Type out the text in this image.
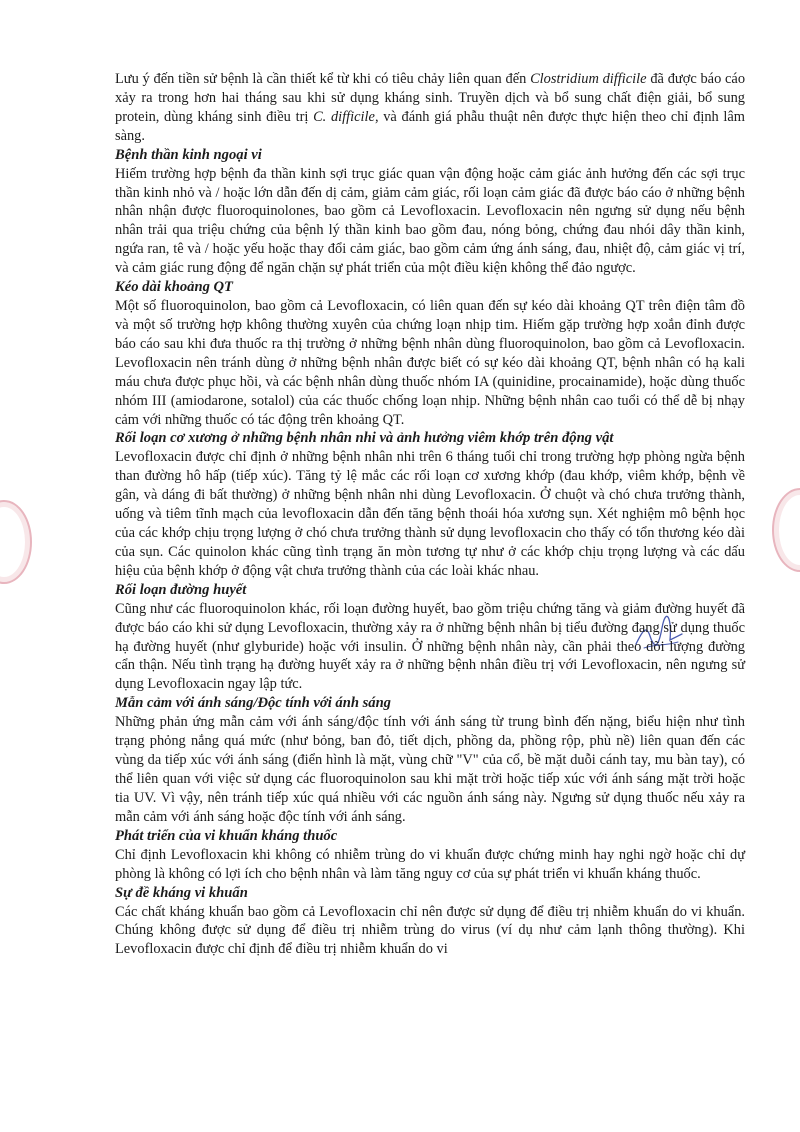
Lưu ý đến tiền sử bệnh là cần thiết kể từ khi có tiêu chảy liên quan đến Clostridium difficile đã được báo cáo xảy ra trong hơn hai tháng sau khi sử dụng kháng sinh. Truyền dịch và bổ sung chất điện giải, bổ sung protein, dùng kháng sinh điều trị C. difficile, và đánh giá phẫu thuật nên được thực hiện theo chỉ định lâm sàng.

Bệnh thần kinh ngoại vi

Hiếm trường hợp bệnh đa thần kinh sợi trục giác quan vận động hoặc cảm giác ảnh hưởng đến các sợi trục thần kinh nhỏ và / hoặc lớn dẫn đến dị cảm, giảm cảm giác, rối loạn cảm giác đã được báo cáo ở những bệnh nhân nhận được fluoroquinolones, bao gồm cả Levofloxacin. Levofloxacin nên ngưng sử dụng nếu bệnh nhân trải qua triệu chứng của bệnh lý thần kinh bao gồm đau, nóng bỏng, chứng đau nhói dây thần kinh, ngứa ran, tê và / hoặc yếu hoặc thay đổi cảm giác, bao gồm cảm ứng ánh sáng, đau, nhiệt độ, cảm giác vị trí, và cảm giác rung động để ngăn chặn sự phát triển của một điều kiện không thể đảo ngược.

Kéo dài khoảng QT

Một số fluoroquinolon, bao gồm cả Levofloxacin, có liên quan đến sự kéo dài khoảng QT trên điện tâm đồ và một số trường hợp không thường xuyên của chứng loạn nhịp tim. Hiếm gặp trường hợp xoắn đỉnh được báo cáo sau khi đưa thuốc ra thị trường ở những bệnh nhân dùng fluoroquinolon, bao gồm cả Levofloxacin. Levofloxacin nên tránh dùng ở những bệnh nhân được biết có sự kéo dài khoảng QT, bệnh nhân có hạ kali máu chưa được phục hồi, và các bệnh nhân dùng thuốc nhóm IA (quinidine, procainamide), hoặc dùng thuốc nhóm III (amiodarone, sotalol) của các thuốc chống loạn nhịp. Những bệnh nhân cao tuổi có thể dễ bị nhạy cảm với những thuốc có tác động trên khoảng QT.

Rối loạn cơ xương ở những bệnh nhân nhi và ảnh hưởng viêm khớp trên động vật

Levofloxacin được chỉ định ở những bệnh nhân nhi trên 6 tháng tuổi chỉ trong trường hợp phòng ngừa bệnh than đường hô hấp (tiếp xúc). Tăng tỷ lệ mắc các rối loạn cơ xương khớp (đau khớp, viêm khớp, bệnh về gân, và dáng đi bất thường) ở những bệnh nhân nhi dùng Levofloxacin. Ở chuột và chó chưa trưởng thành, uống và tiêm tĩnh mạch của levofloxacin dẫn đến tăng bệnh thoái hóa xương sụn. Xét nghiệm mô bệnh học của các khớp chịu trọng lượng ở chó chưa trưởng thành sử dụng levofloxacin cho thấy có tổn thương kéo dài của sụn. Các quinolon khác cũng tình trạng ăn mòn tương tự như ở các khớp chịu trọng lượng và các dấu hiệu của bệnh khớp ở động vật chưa trưởng thành của các loài khác nhau.

Rối loạn đường huyết

Cũng như các fluoroquinolon khác, rối loạn đường huyết, bao gồm triệu chứng tăng và giảm đường huyết đã được báo cáo khi sử dụng Levofloxacin, thường xảy ra ở những bệnh nhân bị tiểu đường đang sử dụng thuốc hạ đường huyết (như glyburide) hoặc với insulin. Ở những bệnh nhân này, cần phải theo dõi lượng đường cẩn thận. Nếu tình trạng hạ đường huyết xảy ra ở những bệnh nhân điều trị với Levofloxacin, nên ngưng sử dụng Levofloxacin ngay lập tức.

Mẫn cảm với ánh sáng/Độc tính với ánh sáng

Những phản ứng mẫn cảm với ánh sáng/độc tính với ánh sáng từ trung bình đến nặng, biểu hiện như tình trạng phỏng nắng quá mức (như bỏng, ban đỏ, tiết dịch, phồng da, phồng rộp, phù nề) liên quan đến các vùng da tiếp xúc với ánh sáng (điển hình là mặt, vùng chữ "V" của cổ, bề mặt duỗi cánh tay, mu bàn tay), có thể liên quan với việc sử dụng các fluoroquinolon sau khi mặt trời hoặc tiếp xúc với ánh sáng mặt trời hoặc tia UV. Vì vậy, nên tránh tiếp xúc quá nhiều với các nguồn ánh sáng này. Ngưng sử dụng thuốc nếu xảy ra mẫn cảm với ánh sáng hoặc độc tính với ánh sáng.

Phát triển của vi khuẩn kháng thuốc

Chỉ định Levofloxacin khi không có nhiễm trùng do vi khuẩn được chứng minh hay nghi ngờ hoặc chỉ dự phòng là không có lợi ích cho bệnh nhân và làm tăng nguy cơ của sự phát triển vi khuẩn kháng thuốc.

Sự đề kháng vi khuẩn

Các chất kháng khuẩn bao gồm cả Levofloxacin chỉ nên được sử dụng để điều trị nhiễm khuẩn do vi khuẩn. Chúng không được sử dụng để điều trị nhiễm trùng do virus (ví dụ như cảm lạnh thông thường). Khi Levofloxacin được chỉ định để điều trị nhiễm khuẩn do vi
